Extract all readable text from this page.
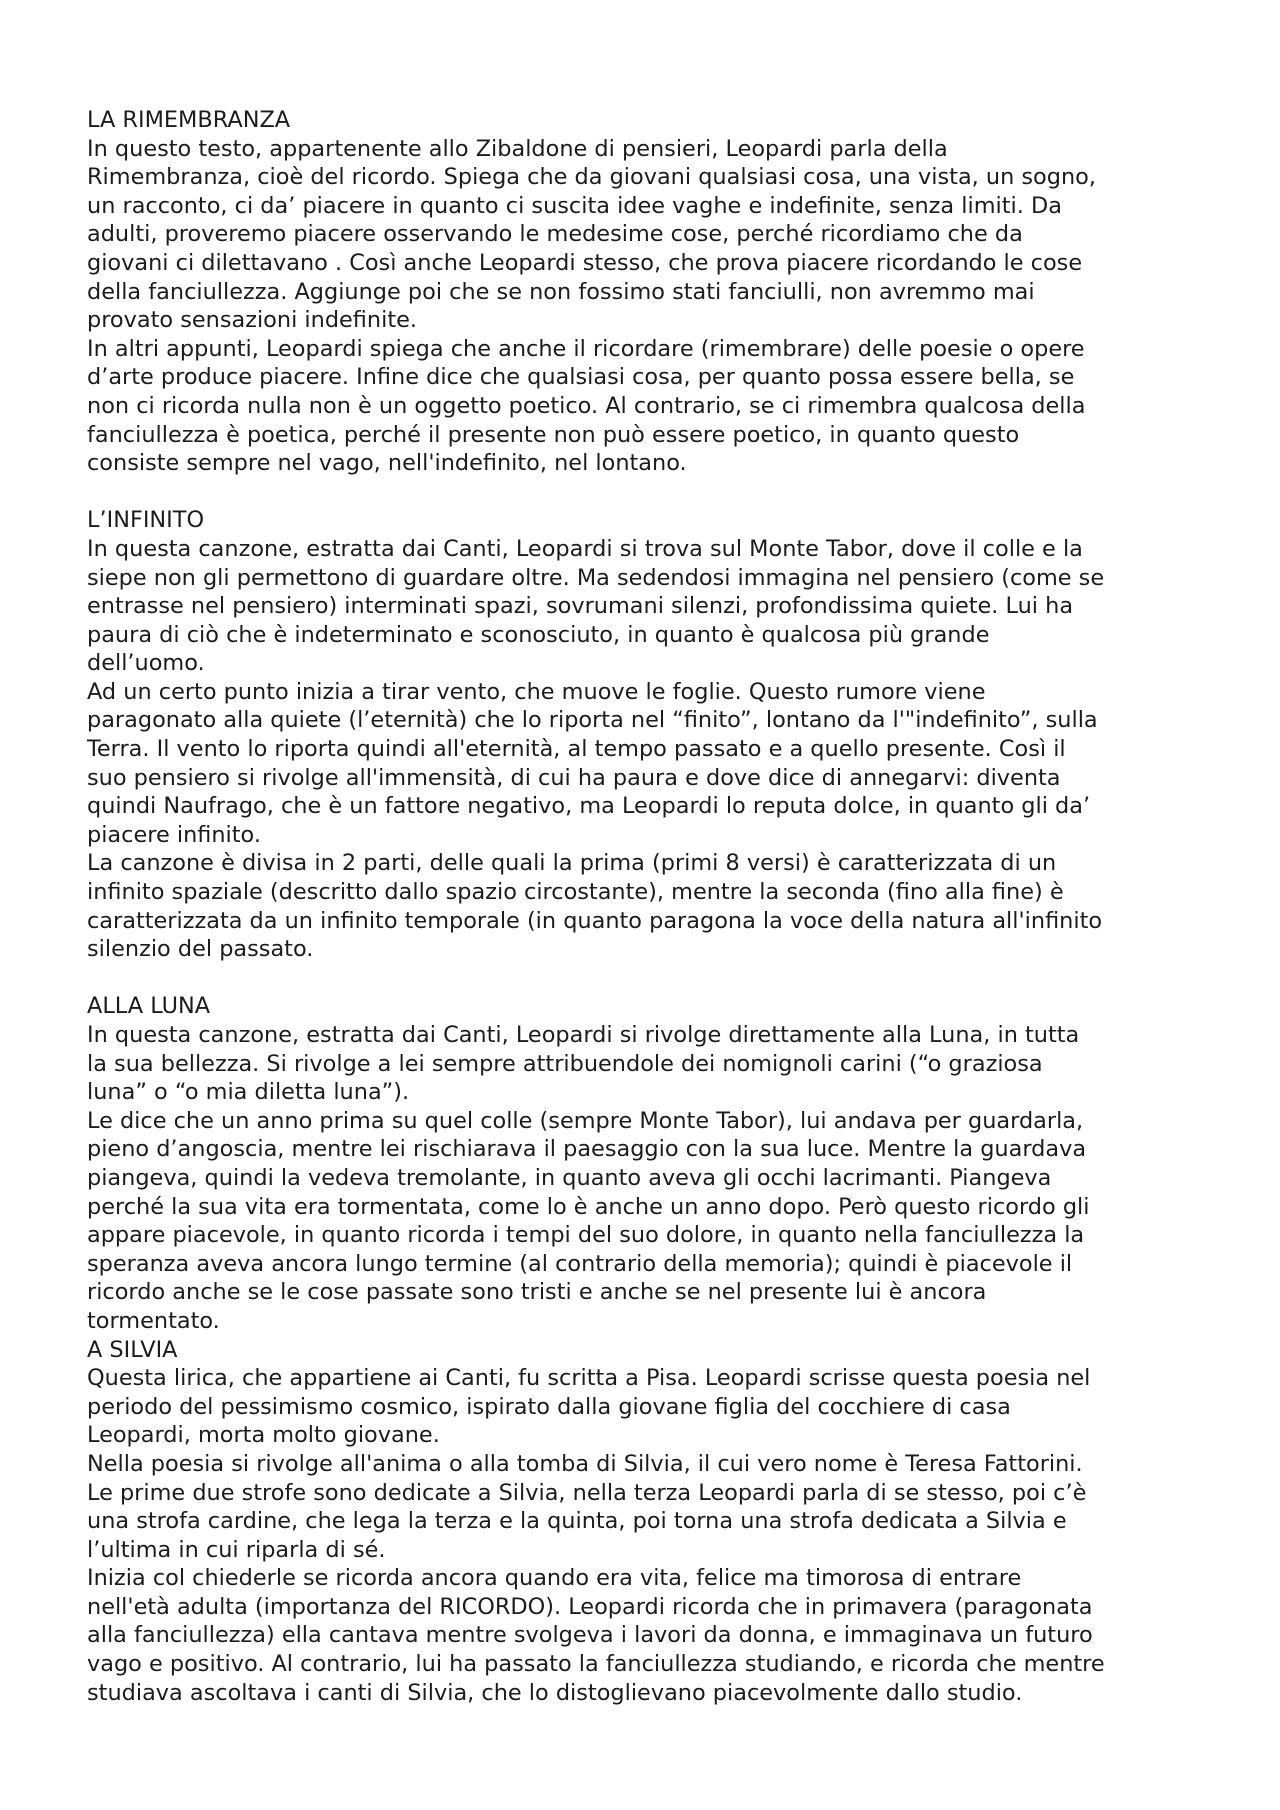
LA RIMEMBRANZA
In questo testo, appartenente allo Zibaldone di pensieri, Leopardi parla della
Rimembranza, cioè del ricordo. Spiega che da giovani qualsiasi cosa, una vista, un sogno,
un racconto, ci da’ piacere in quanto ci suscita idee vaghe e indefinite, senza limiti. Da
adulti, proveremo piacere osservando le medesime cose, perché ricordiamo che da
giovani ci dilettavano . Così anche Leopardi stesso, che prova piacere ricordando le cose
della fanciullezza. Aggiunge poi che se non fossimo stati fanciulli, non avremmo mai
provato sensazioni indefinite.
In altri appunti, Leopardi spiega che anche il ricordare (rimembrare) delle poesie o opere
d’arte produce piacere. Infine dice che qualsiasi cosa, per quanto possa essere bella, se
non ci ricorda nulla non è un oggetto poetico. Al contrario, se ci rimembra qualcosa della
fanciullezza è poetica, perché il presente non può essere poetico, in quanto questo
consiste sempre nel vago, nell'indefinito, nel lontano.
L’INFINITO
In questa canzone, estratta dai Canti, Leopardi si trova sul Monte Tabor, dove il colle e la
siepe non gli permettono di guardare oltre. Ma sedendosi immagina nel pensiero (come se
entrasse nel pensiero) interminati spazi, sovrumani silenzi, profondissima quiete. Lui ha
paura di ciò che è indeterminato e sconosciuto, in quanto è qualcosa più grande
dell’uomo.
Ad un certo punto inizia a tirar vento, che muove le foglie. Questo rumore viene
paragonato alla quiete (l’eternità) che lo riporta nel “finito”, lontano da l'"indefinito”, sulla
Terra. Il vento lo riporta quindi all'eternità, al tempo passato e a quello presente. Così il
suo pensiero si rivolge all'immensità, di cui ha paura e dove dice di annegarvi: diventa
quindi Naufrago, che è un fattore negativo, ma Leopardi lo reputa dolce, in quanto gli da’
piacere infinito.
La canzone è divisa in 2 parti, delle quali la prima (primi 8 versi) è caratterizzata di un
infinito spaziale (descritto dallo spazio circostante), mentre la seconda (fino alla fine) è
caratterizzata da un infinito temporale (in quanto paragona la voce della natura all'infinito
silenzio del passato.
ALLA LUNA
In questa canzone, estratta dai Canti, Leopardi si rivolge direttamente alla Luna, in tutta
la sua bellezza. Si rivolge a lei sempre attribuendole dei nomignoli carini (“o graziosa
luna” o “o mia diletta luna”).
Le dice che un anno prima su quel colle (sempre Monte Tabor), lui andava per guardarla,
pieno d’angoscia, mentre lei rischiarava il paesaggio con la sua luce. Mentre la guardava
piangeva, quindi la vedeva tremolante, in quanto aveva gli occhi lacrimanti. Piangeva
perché la sua vita era tormentata, come lo è anche un anno dopo. Però questo ricordo gli
appare piacevole, in quanto ricorda i tempi del suo dolore, in quanto nella fanciullezza la
speranza aveva ancora lungo termine (al contrario della memoria); quindi è piacevole il
ricordo anche se le cose passate sono tristi e anche se nel presente lui è ancora
tormentato.
A SILVIA
Questa lirica, che appartiene ai Canti, fu scritta a Pisa. Leopardi scrisse questa poesia nel
periodo del pessimismo cosmico, ispirato dalla giovane figlia del cocchiere di casa
Leopardi, morta molto giovane.
Nella poesia si rivolge all'anima o alla tomba di Silvia, il cui vero nome è Teresa Fattorini.
Le prime due strofe sono dedicate a Silvia, nella terza Leopardi parla di se stesso, poi c’è
una strofa cardine, che lega la terza e la quinta, poi torna una strofa dedicata a Silvia e
l’ultima in cui riparla di sé.
Inizia col chiederle se ricorda ancora quando era vita, felice ma timorosa di entrare
nell'età adulta (importanza del RICORDO). Leopardi ricorda che in primavera (paragonata
alla fanciullezza) ella cantava mentre svolgeva i lavori da donna, e immaginava un futuro
vago e positivo. Al contrario, lui ha passato la fanciullezza studiando, e ricorda che mentre
studiava ascoltava i canti di Silvia, che lo distoglievano piacevolmente dallo studio.
